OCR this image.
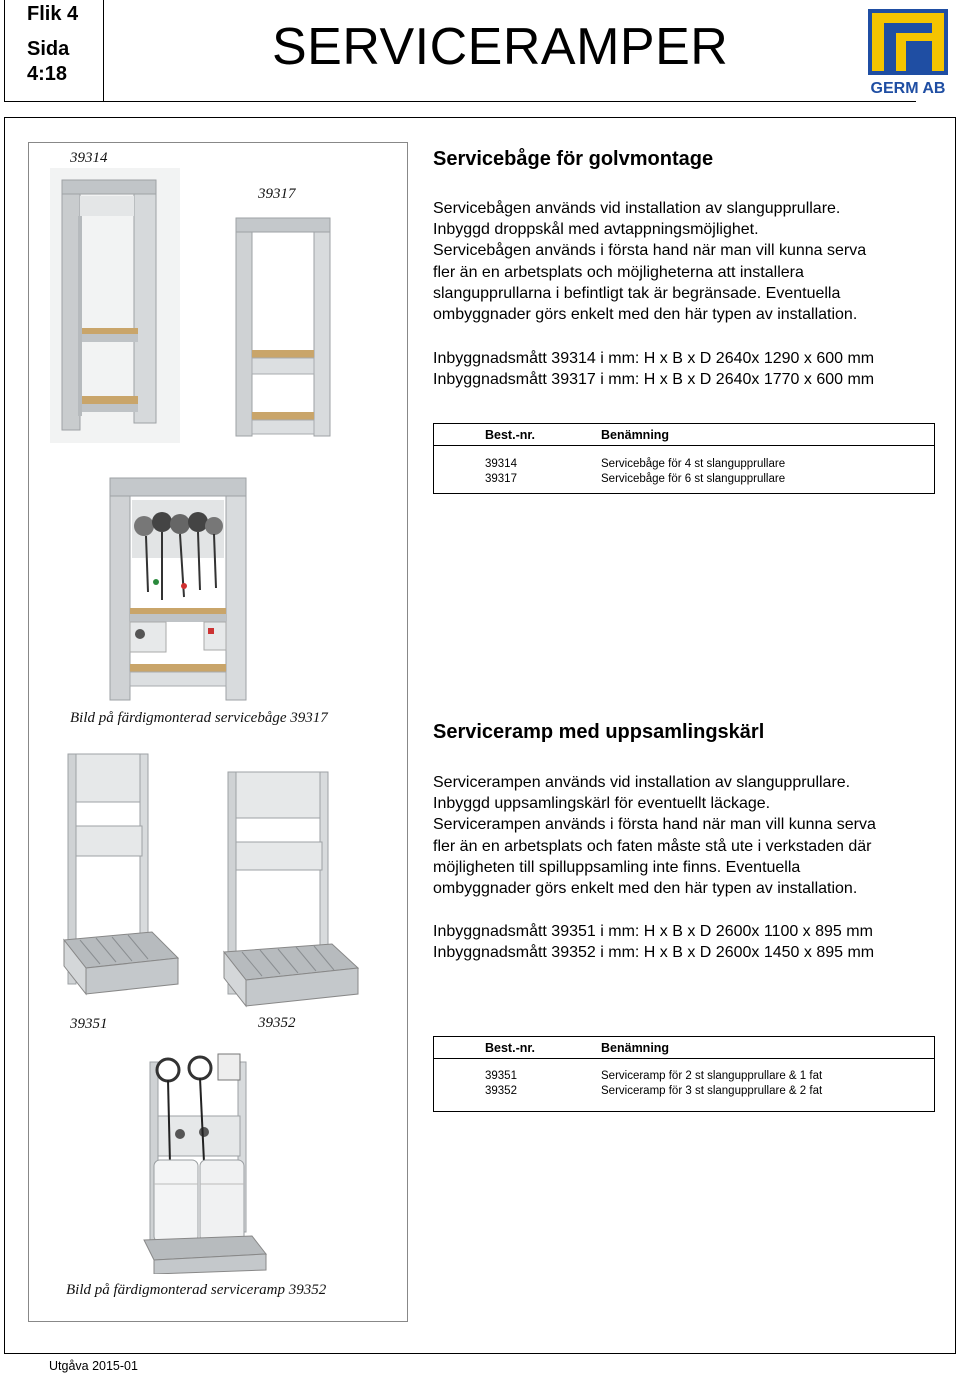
Flik 4
Sida
4:18	SERVICERAMPER
GERM AB
39314
39317
Bild på färdigmonterad servicebåge 39317
Servicebåge för golvmontage
Servicebågen används vid installation av slangupprullare.
Inbyggd droppskål med avtappningsmöjlighet.
Servicebågen används i första hand när man vill kunna serva
fler än en arbetsplats och möjligheterna att installera
slangupprullarna i befintligt tak är begränsade. Eventuella
ombyggnader görs enkelt med den här typen av installation.
Inbyggnadsmått 39314 i mm: H x B x D 2640x 1290 x 600 mm
Inbyggnadsmått 39317 i mm: H x B x D 2640x 1770 x 600 mm
Best.-nr.	Benämning
39314	Servicebåge för 4 st slangupprullare
39317	Servicebåge för 6 st slangupprullare
39351	39352
Bild på färdigmonterad serviceramp 39352
Serviceramp med uppsamlingskärl
Servicerampen används vid installation av slangupprullare.
Inbyggd uppsamlingskärl för eventuellt läckage.
Servicerampen används i första hand när man vill kunna serva
fler än en arbetsplats och faten måste stå ute i verkstaden där
möjligheten till spilluppsamling inte finns. Eventuella
ombyggnader görs enkelt med den här typen av installation.
Inbyggnadsmått 39351 i mm: H x B x D 2600x 1100 x 895 mm
Inbyggnadsmått 39352 i mm: H x B x D 2600x 1450 x 895 mm
Best.-nr.	Benämning
39351	Serviceramp för 2 st slangupprullare & 1 fat
39352	Serviceramp för 3 st slangupprullare & 2 fat
Utgåva 2015-01
